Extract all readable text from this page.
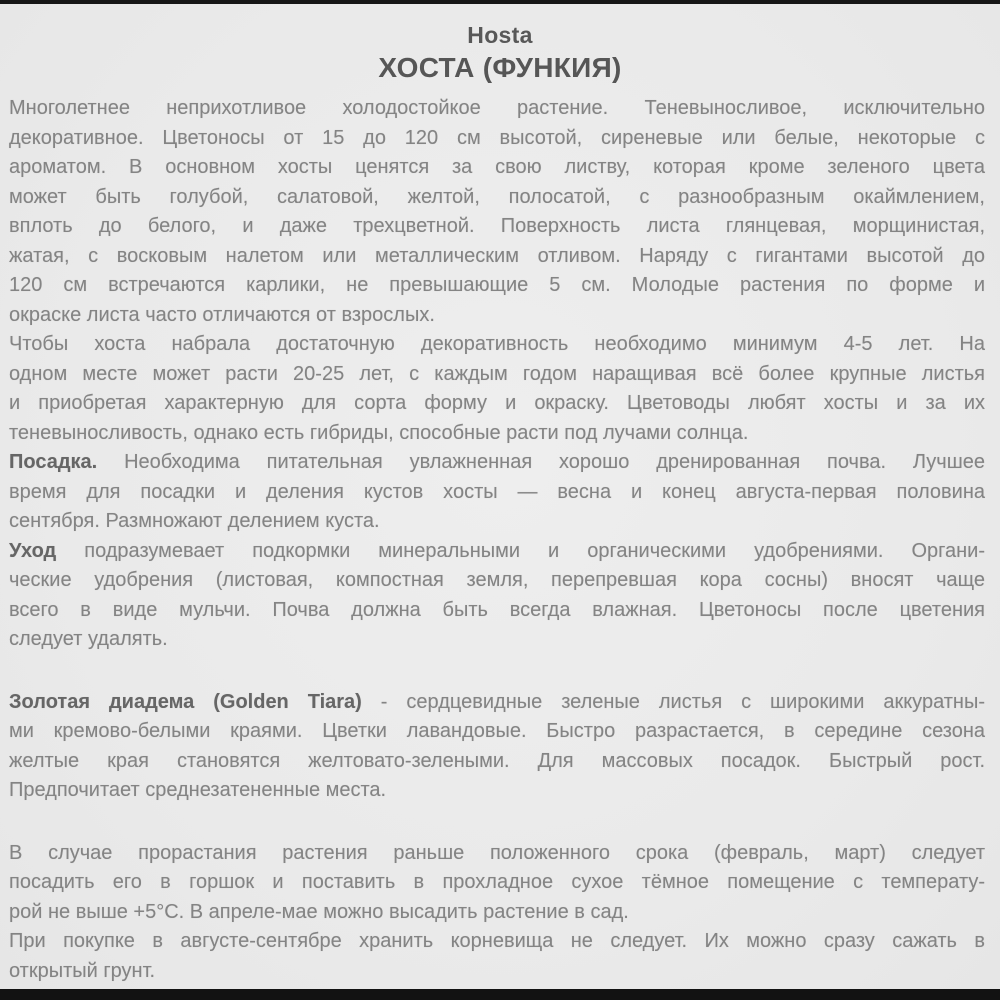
Hosta
ХОСТА (ФУНКИЯ)
Многолетнее неприхотливое холодостойкое растение. Теневыносливое, исключительно
декоративное. Цветоносы от 15 до 120 см высотой, сиреневые или белые, некоторые с
ароматом. В основном хосты ценятся за свою листву, которая кроме зеленого цвета
может быть голубой, салатовой, желтой, полосатой, с разнообразным окаймлением,
вплоть до белого, и даже трехцветной. Поверхность листа глянцевая, морщинистая,
жатая, с восковым налетом или металлическим отливом. Наряду с гигантами высотой до
120 см встречаются карлики, не превышающие 5 см. Молодые растения по форме и
окраске листа часто отличаются от взрослых.
Чтобы хоста набрала достаточную декоративность необходимо минимум 4-5 лет. На
одном месте может расти 20-25 лет, с каждым годом наращивая всё более крупные листья
и приобретая характерную для сорта форму и окраску. Цветоводы любят хосты и за их
теневыносливость, однако есть гибриды, способные расти под лучами солнца.
Посадка. Необходима питательная увлажненная хорошо дренированная почва. Лучшее
время для посадки и деления кустов хосты — весна и конец августа-первая половина
сентября. Размножают делением куста.
Уход подразумевает подкормки минеральными и органическими удобрениями. Органи-
ческие удобрения (листовая, компостная земля, перепревшая кора сосны) вносят чаще
всего в виде мульчи. Почва должна быть всегда влажная. Цветоносы после цветения
следует удалять.
Золотая диадема (Golden Tiara) - сердцевидные зеленые листья с широкими аккуратны-
ми кремово-белыми краями. Цветки лавандовые. Быстро разрастается, в середине сезона
желтые края становятся желтовато-зелеными. Для массовых посадок. Быстрый рост.
Предпочитает среднезатененные места.
В случае прорастания растения раньше положенного срока (февраль, март) следует
посадить его в горшок и поставить в прохладное сухое тёмное помещение с температу-
рой не выше +5°С. В апреле-мае можно высадить растение в сад.
При покупке в августе-сентябре хранить корневища не следует. Их можно сразу сажать в
открытый грунт.
